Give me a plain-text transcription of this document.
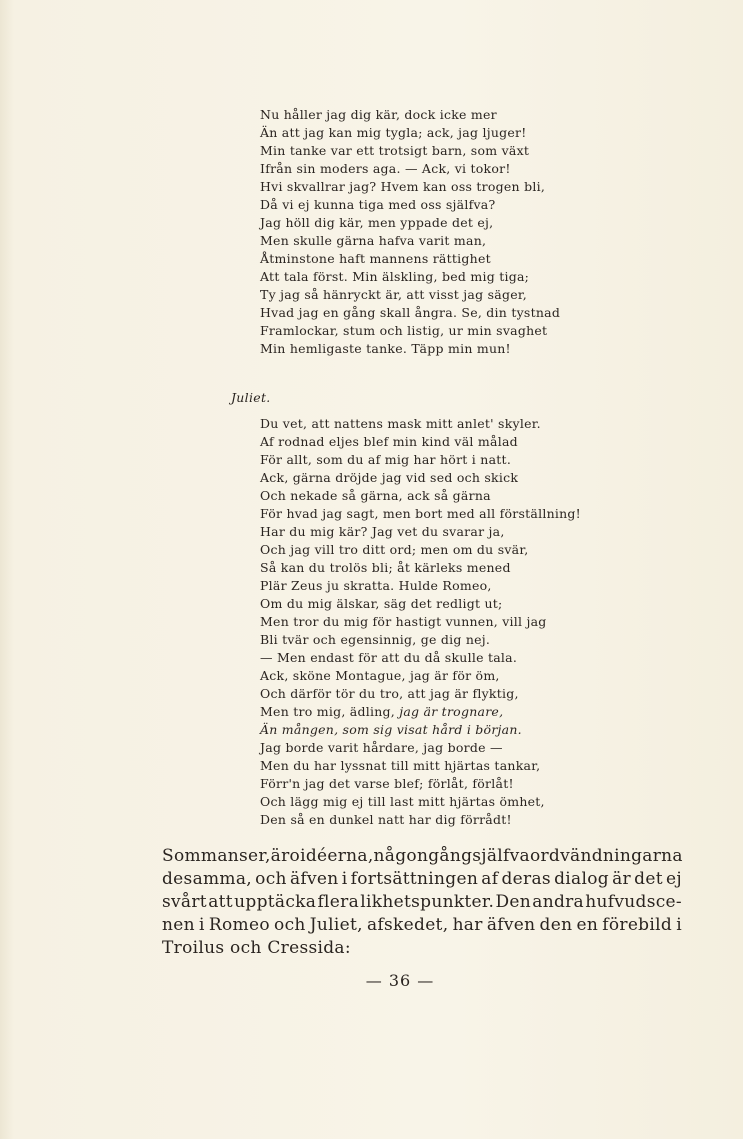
Nu håller jag dig kär, dock icke mer
Än att jag kan mig tygla; ack, jag ljuger!
Min tanke var ett trotsigt barn, som växt
Ifrån sin moders aga. — Ack, vi tokor!
Hvi skvallrar jag? Hvem kan oss trogen bli,
Då vi ej kunna tiga med oss själfva?
Jag höll dig kär, men yppade det ej,
Men skulle gärna hafva varit man,
Åtminstone haft mannens rättighet
Att tala först. Min älskling, bed mig tiga;
Ty jag så hänryckt är, att visst jag säger,
Hvad jag en gång skall ångra. Se, din tystnad
Framlockar, stum och listig, ur min svaghet
Min hemligaste tanke. Täpp min mun!
Juliet.
Du vet, att nattens mask mitt anlet' skyler.
Af rodnad eljes blef min kind väl målad
För allt, som du af mig har hört i natt.
Ack, gärna dröjde jag vid sed och skick
Och nekade så gärna, ack så gärna
För hvad jag sagt, men bort med all förställning!
Har du mig kär? Jag vet du svarar ja,
Och jag vill tro ditt ord; men om du svär,
Så kan du trolös bli; åt kärleks mened
Plär Zeus ju skratta. Hulde Romeo,
Om du mig älskar, säg det redligt ut;
Men tror du mig för hastigt vunnen, vill jag
Bli tvär och egensinnig, ge dig nej.
— Men endast för att du då skulle tala.
Ack, sköne Montague, jag är för öm,
Och därför tör du tro, att jag är flyktig,
Men tro mig, ädling, jag är trognare,
Än mången, som sig visat hård i början.
Jag borde varit hårdare, jag borde —
Men du har lyssnat till mitt hjärtas tankar,
Förr'n jag det varse blef; förlåt, förlåt!
Och lägg mig ej till last mitt hjärtas ömhet,
Den så en dunkel natt har dig förrådt!
Som man ser, äro idéerna, någon gång själfva ordvändningarna
desamma, och äfven i fortsättningen af deras dialog är det ej
svårt att upptäcka flera likhetspunkter. Den andra hufvudsce-
nen i Romeo och Juliet, afskedet, har äfven den en förebild i
Troilus och Cressida:
— 36 —
